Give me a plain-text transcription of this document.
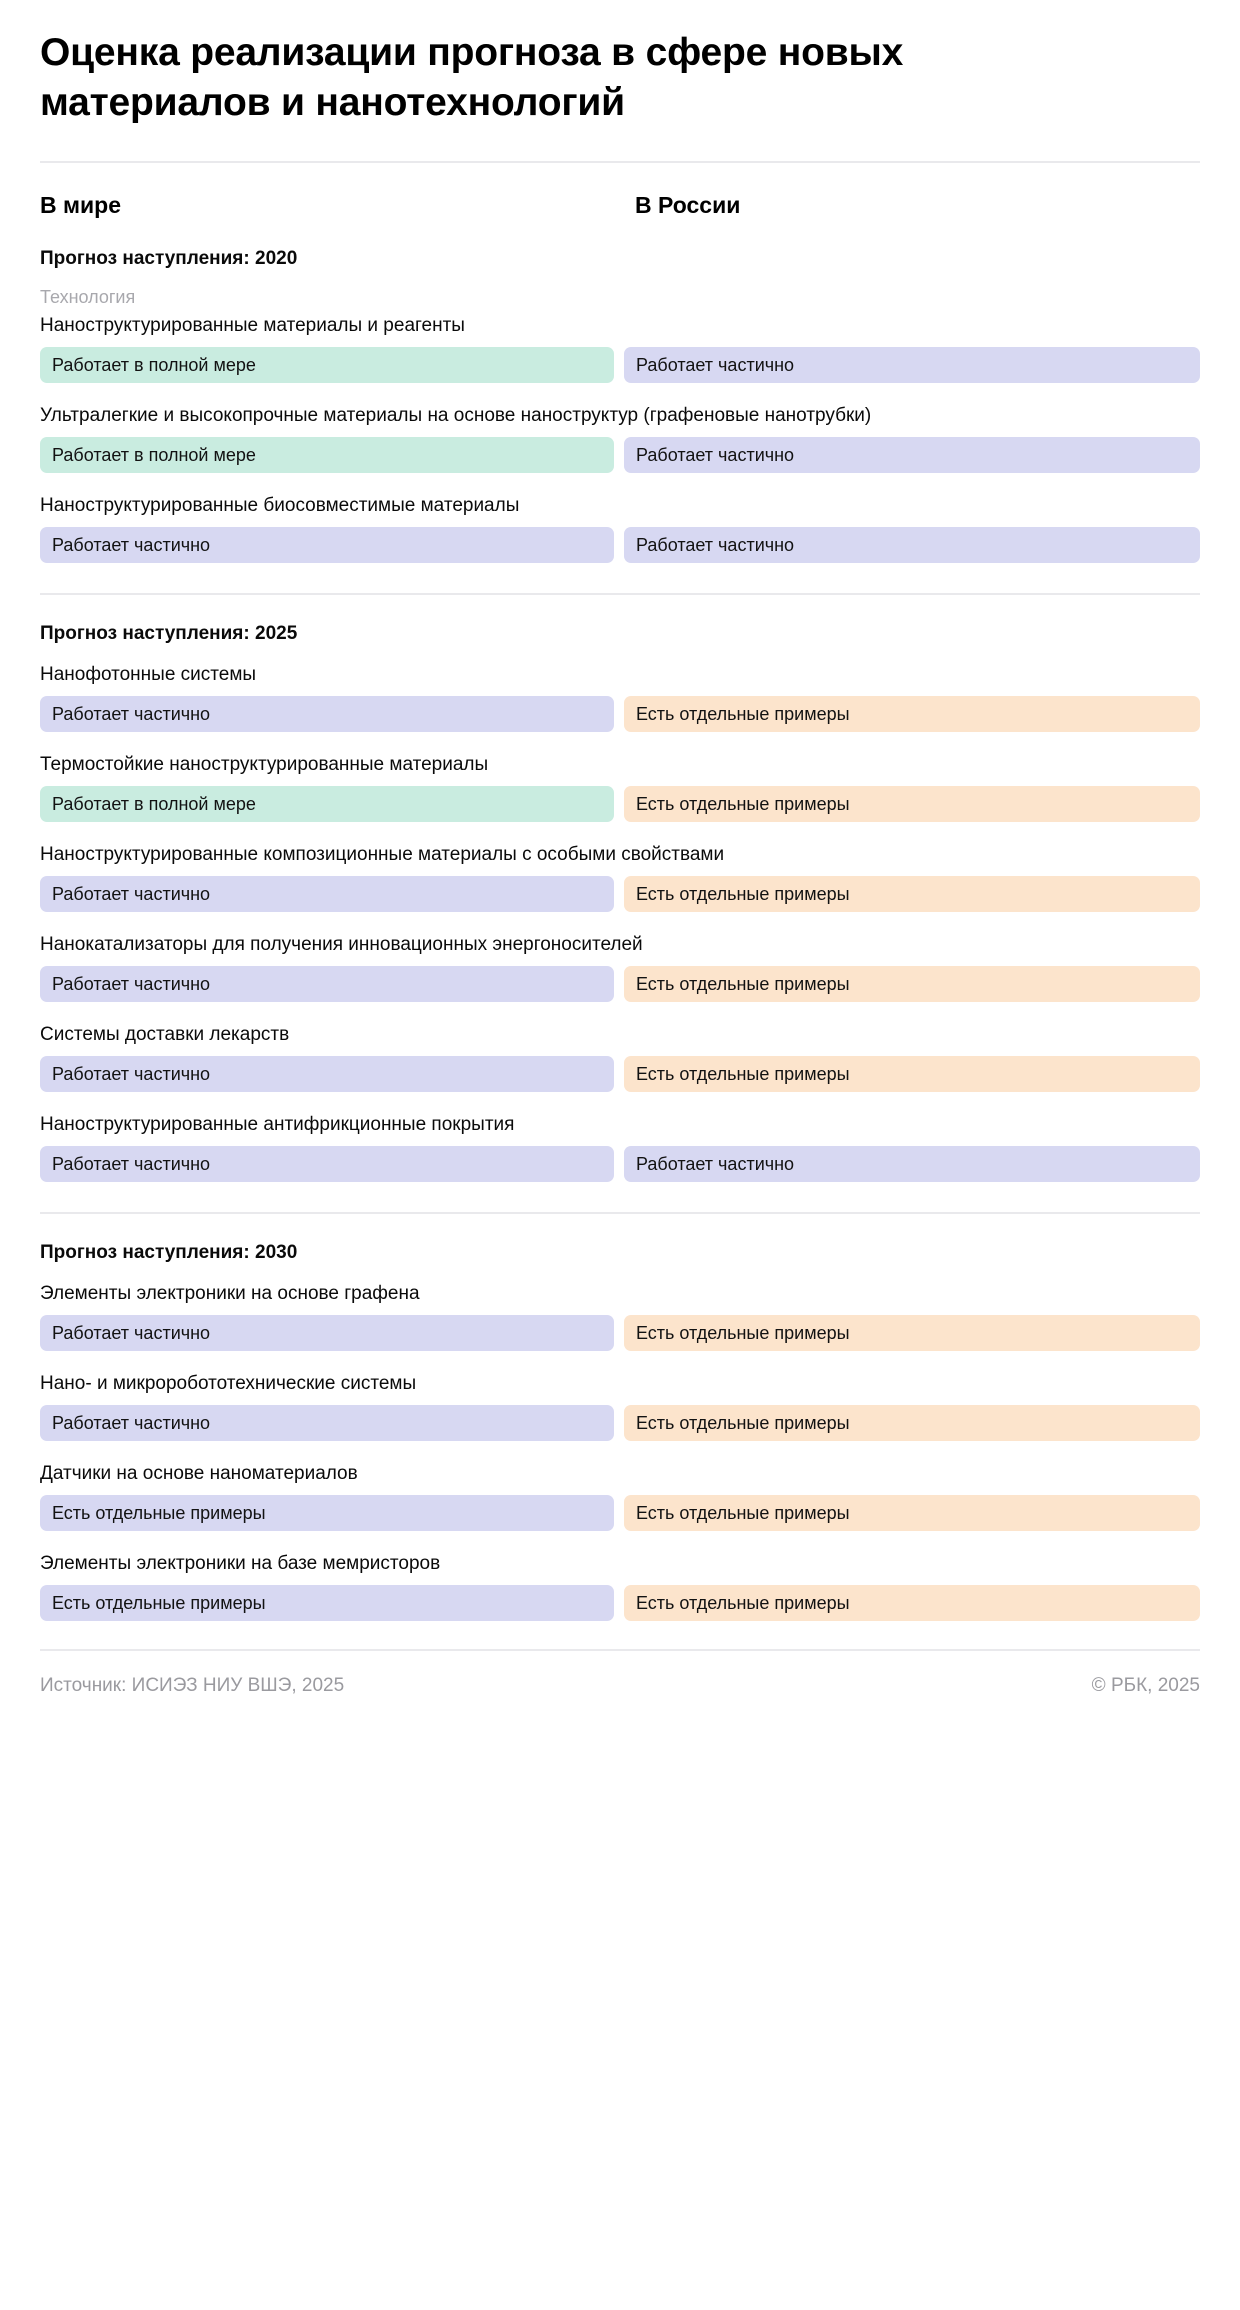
Оценка реализации прогноза в сфере новых материалов и нанотехнологий
В мире	В России
Прогноз наступления: 2020
Технология
Наноструктурированные материалы и реагенты
Работает в полной мере	Работает частично
Ультралегкие и высокопрочные материалы на основе наноструктур (графеновые нанотрубки)
Работает в полной мере	Работает частично
Наноструктурированные биосовместимые материалы
Работает частично	Работает частично
Прогноз наступления: 2025
Нанофотонные системы
Работает частично	Есть отдельные примеры
Термостойкие наноструктурированные материалы
Работает в полной мере	Есть отдельные примеры
Наноструктурированные композиционные материалы с особыми свойствами
Работает частично	Есть отдельные примеры
Нанокатализаторы для получения инновационных энергоносителей
Работает частично	Есть отдельные примеры
Системы доставки лекарств
Работает частично	Есть отдельные примеры
Наноструктурированные антифрикционные покрытия
Работает частично	Работает частично
Прогноз наступления: 2030
Элементы электроники на основе графена
Работает частично	Есть отдельные примеры
Нано- и микроробототехнические системы
Работает частично	Есть отдельные примеры
Датчики на основе наноматериалов
Есть отдельные примеры	Есть отдельные примеры
Элементы электроники на базе мемристоров
Есть отдельные примеры	Есть отдельные примеры
Источник: ИСИЭЗ НИУ ВШЭ, 2025	© РБК, 2025
